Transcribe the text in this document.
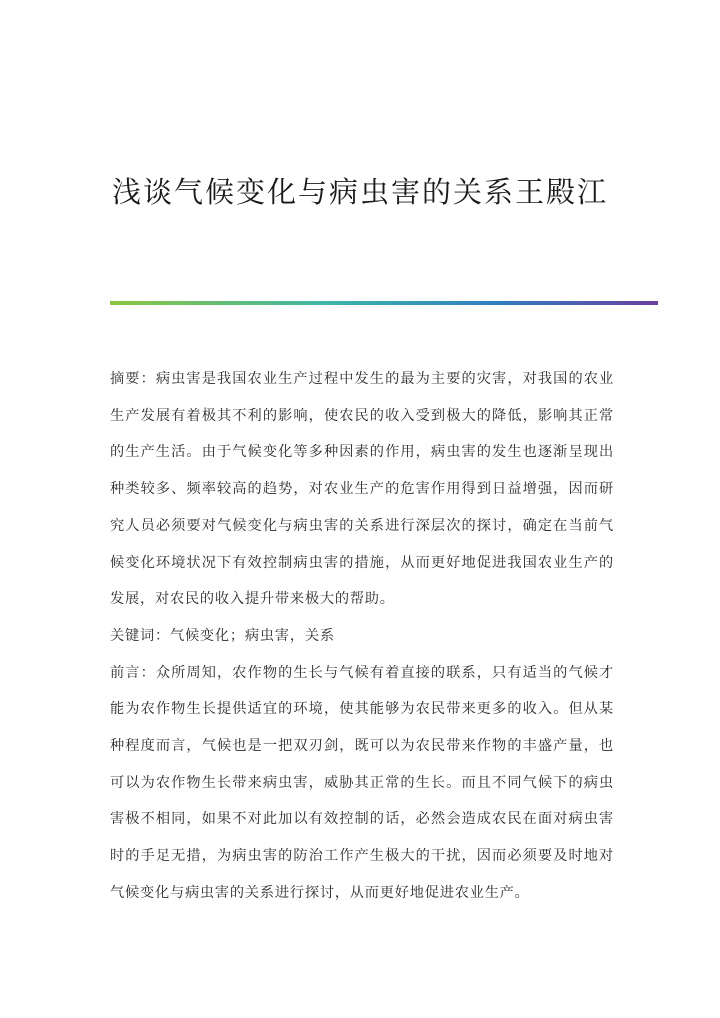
浅谈气候变化与病虫害的关系王殿江

摘要：病虫害是我国农业生产过程中发生的最为主要的灾害，对我国的农业生产发展有着极其不利的影响，使农民的收入受到极大的降低，影响其正常的生产生活。由于气候变化等多种因素的作用，病虫害的发生也逐渐呈现出种类较多、频率较高的趋势，对农业生产的危害作用得到日益增强，因而研究人员必须要对气候变化与病虫害的关系进行深层次的探讨，确定在当前气候变化环境状况下有效控制病虫害的措施，从而更好地促进我国农业生产的发展，对农民的收入提升带来极大的帮助。

关键词：气候变化；病虫害，关系

前言：众所周知，农作物的生长与气候有着直接的联系，只有适当的气候才能为农作物生长提供适宜的环境，使其能够为农民带来更多的收入。但从某种程度而言，气候也是一把双刃剑，既可以为农民带来作物的丰盛产量，也可以为农作物生长带来病虫害，威胁其正常的生长。而且不同气候下的病虫害极不相同，如果不对此加以有效控制的话，必然会造成农民在面对病虫害时的手足无措，为病虫害的防治工作产生极大的干扰，因而必须要及时地对气候变化与病虫害的关系进行探讨，从而更好地促进农业生产。
